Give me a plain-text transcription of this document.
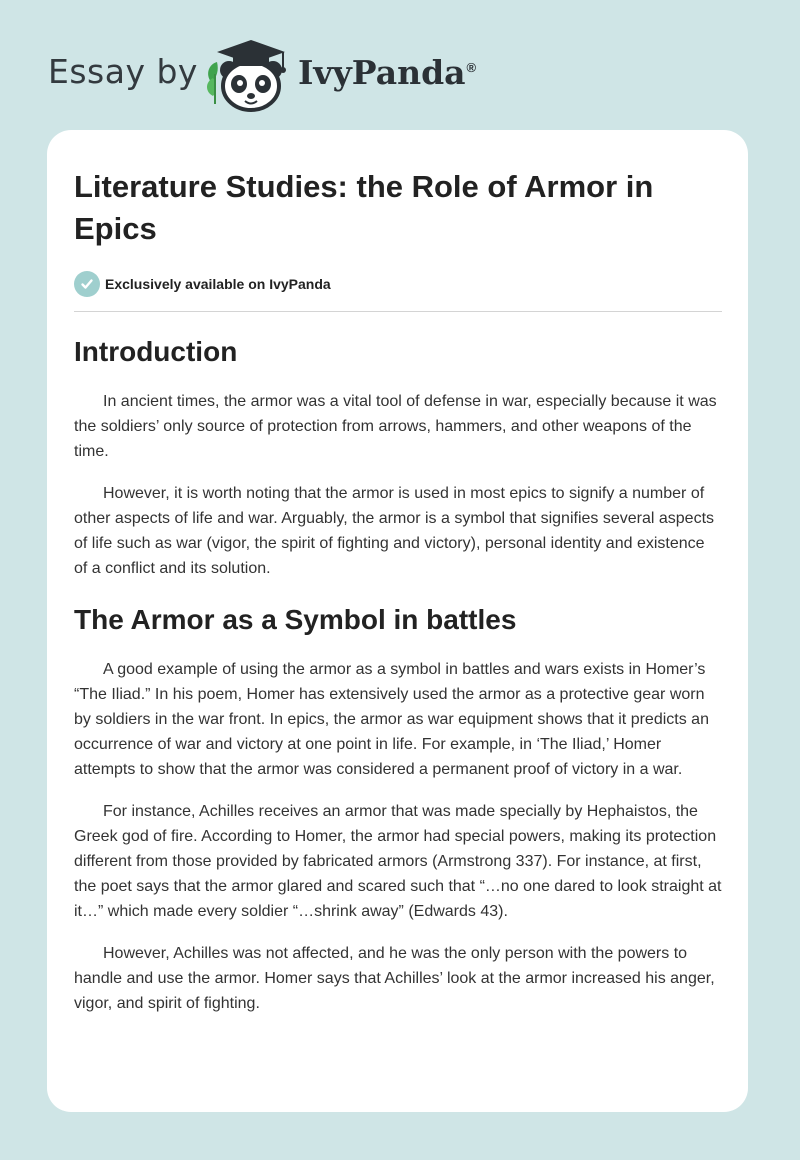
Essay by	IvyPanda®
Literature Studies: the Role of Armor in Epics
Exclusively available on IvyPanda
Introduction

In ancient times, the armor was a vital tool of defense in war, especially because it was the soldiers’ only source of protection from arrows, hammers, and other weapons of the time.

However, it is worth noting that the armor is used in most epics to signify a number of other aspects of life and war. Arguably, the armor is a symbol that signifies several aspects of life such as war (vigor, the spirit of fighting and victory), personal identity and existence of a conflict and its solution.

The Armor as a Symbol in battles

A good example of using the armor as a symbol in battles and wars exists in Homer’s “The Iliad.” In his poem, Homer has extensively used the armor as a protective gear worn by soldiers in the war front. In epics, the armor as war equipment shows that it predicts an occurrence of war and victory at one point in life. For example, in ‘The Iliad,’ Homer attempts to show that the armor was considered a permanent proof of victory in a war.

For instance, Achilles receives an armor that was made specially by Hephaistos, the Greek god of fire. According to Homer, the armor had special powers, making its protection different from those provided by fabricated armors (Armstrong 337). For instance, at first, the poet says that the armor glared and scared such that “…no one dared to look straight at it…” which made every soldier “…shrink away” (Edwards 43).

However, Achilles was not affected, and he was the only person with the powers to handle and use the armor. Homer says that Achilles’ look at the armor increased his anger, vigor, and spirit of fighting.
